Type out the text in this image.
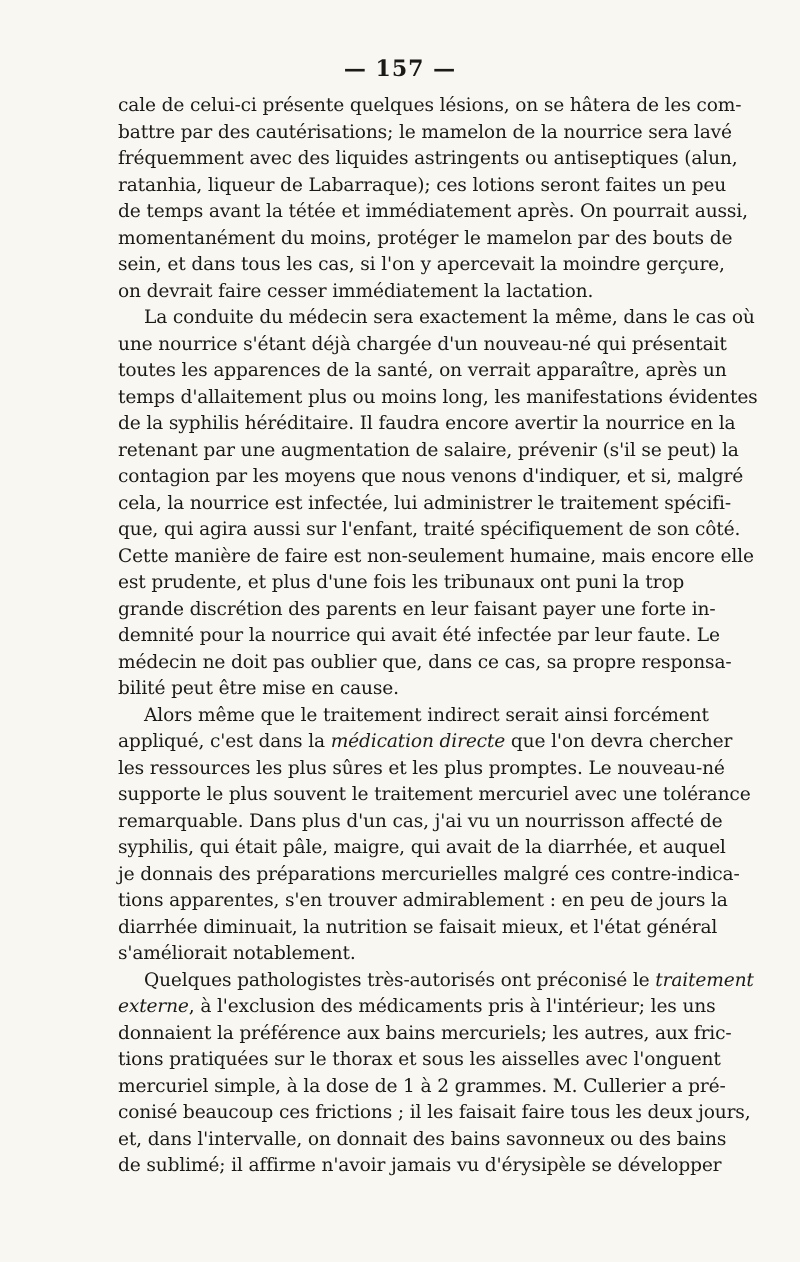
— 157 —
cale de celui-ci présente quelques lésions, on se hâtera de les com-
battre par des cautérisations; le mamelon de la nourrice sera lavé
fréquemment avec des liquides astringents ou antiseptiques (alun,
ratanhia, liqueur de Labarraque); ces lotions seront faites un peu
de temps avant la tétée et immédiatement après. On pourrait aussi,
momentanément du moins, protéger le mamelon par des bouts de
sein, et dans tous les cas, si l'on y apercevait la moindre gerçure,
on devrait faire cesser immédiatement la lactation.
La conduite du médecin sera exactement la même, dans le cas où
une nourrice s'étant déjà chargée d'un nouveau-né qui présentait
toutes les apparences de la santé, on verrait apparaître, après un
temps d'allaitement plus ou moins long, les manifestations évidentes
de la syphilis héréditaire. Il faudra encore avertir la nourrice en la
retenant par une augmentation de salaire, prévenir (s'il se peut) la
contagion par les moyens que nous venons d'indiquer, et si, malgré
cela, la nourrice est infectée, lui administrer le traitement spécifi-
que, qui agira aussi sur l'enfant, traité spécifiquement de son côté.
Cette manière de faire est non-seulement humaine, mais encore elle
est prudente, et plus d'une fois les tribunaux ont puni la trop
grande discrétion des parents en leur faisant payer une forte in-
demnité pour la nourrice qui avait été infectée par leur faute. Le
médecin ne doit pas oublier que, dans ce cas, sa propre responsa-
bilité peut être mise en cause.
Alors même que le traitement indirect serait ainsi forcément
appliqué, c'est dans la médication directe que l'on devra chercher
les ressources les plus sûres et les plus promptes. Le nouveau-né
supporte le plus souvent le traitement mercuriel avec une tolérance
remarquable. Dans plus d'un cas, j'ai vu un nourrisson affecté de
syphilis, qui était pâle, maigre, qui avait de la diarrhée, et auquel
je donnais des préparations mercurielles malgré ces contre-indica-
tions apparentes, s'en trouver admirablement : en peu de jours la
diarrhée diminuait, la nutrition se faisait mieux, et l'état général
s'améliorait notablement.
Quelques pathologistes très-autorisés ont préconisé le traitement
externe, à l'exclusion des médicaments pris à l'intérieur; les uns
donnaient la préférence aux bains mercuriels; les autres, aux fric-
tions pratiquées sur le thorax et sous les aisselles avec l'onguent
mercuriel simple, à la dose de 1 à 2 grammes. M. Cullerier a pré-
conisé beaucoup ces frictions ; il les faisait faire tous les deux jours,
et, dans l'intervalle, on donnait des bains savonneux ou des bains
de sublimé; il affirme n'avoir jamais vu d'érysipèle se développer
